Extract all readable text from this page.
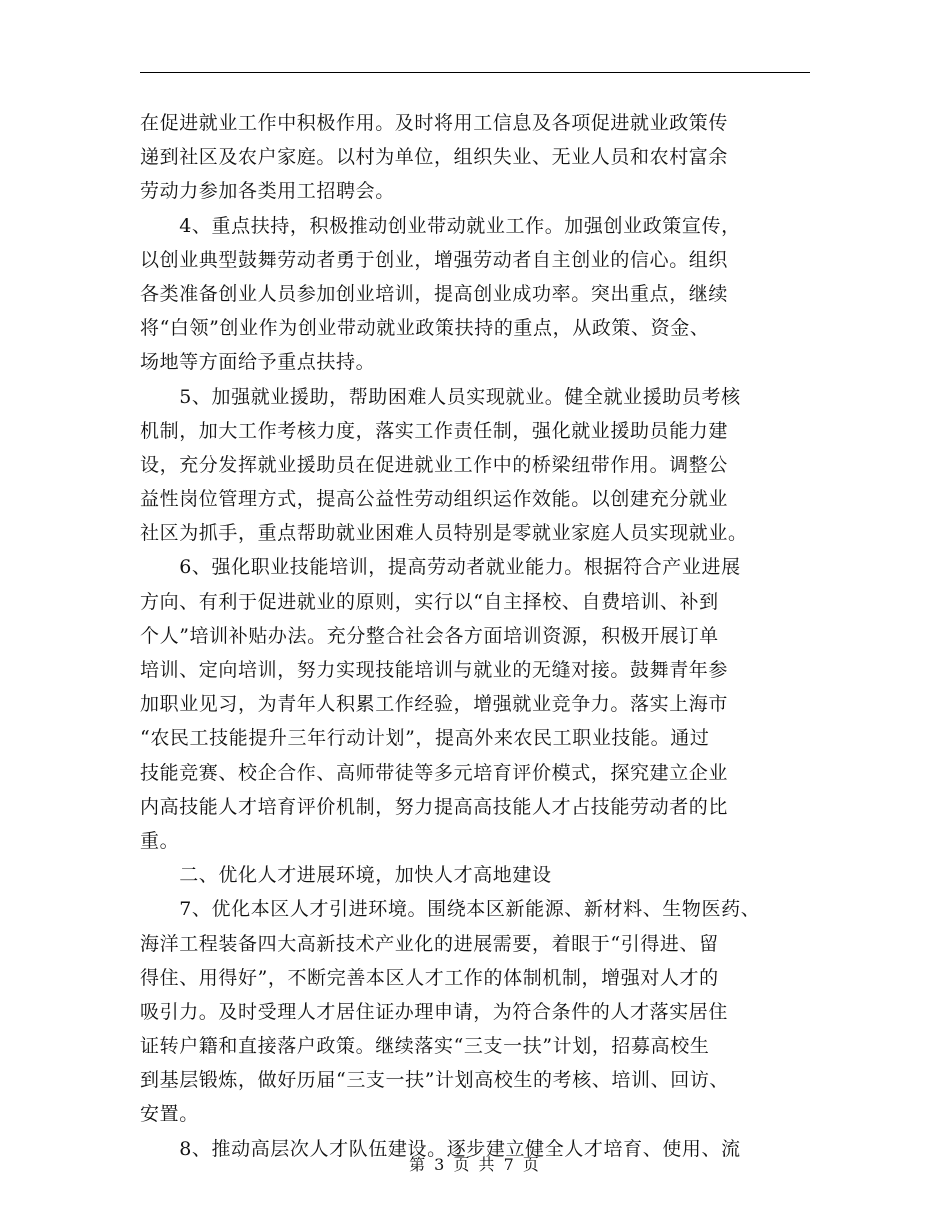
在促进就业工作中积极作用。及时将用工信息及各项促进就业政策传
递到社区及农户家庭。以村为单位，组织失业、无业人员和农村富余
劳动力参加各类用工招聘会。
　　4、重点扶持，积极推动创业带动就业工作。加强创业政策宣传，
以创业典型鼓舞劳动者勇于创业，增强劳动者自主创业的信心。组织
各类准备创业人员参加创业培训，提高创业成功率。突出重点，继续
将“白领”创业作为创业带动就业政策扶持的重点，从政策、资金、
场地等方面给予重点扶持。
　　5、加强就业援助，帮助困难人员实现就业。健全就业援助员考核
机制，加大工作考核力度，落实工作责任制，强化就业援助员能力建
设，充分发挥就业援助员在促进就业工作中的桥梁纽带作用。调整公
益性岗位管理方式，提高公益性劳动组织运作效能。以创建充分就业
社区为抓手，重点帮助就业困难人员特别是零就业家庭人员实现就业。
　　6、强化职业技能培训，提高劳动者就业能力。根据符合产业进展
方向、有利于促进就业的原则，实行以“自主择校、自费培训、补到
个人”培训补贴办法。充分整合社会各方面培训资源，积极开展订单
培训、定向培训，努力实现技能培训与就业的无缝对接。鼓舞青年参
加职业见习，为青年人积累工作经验，增强就业竞争力。落实上海市
“农民工技能提升三年行动计划”，提高外来农民工职业技能。通过
技能竞赛、校企合作、高师带徒等多元培育评价模式，探究建立企业
内高技能人才培育评价机制，努力提高高技能人才占技能劳动者的比
重。
　　二、优化人才进展环境，加快人才高地建设
　　7、优化本区人才引进环境。围绕本区新能源、新材料、生物医药、
海洋工程装备四大高新技术产业化的进展需要，着眼于“引得进、留
得住、用得好”，不断完善本区人才工作的体制机制，增强对人才的
吸引力。及时受理人才居住证办理申请，为符合条件的人才落实居住
证转户籍和直接落户政策。继续落实“三支一扶”计划，招募高校生
到基层锻炼，做好历届“三支一扶”计划高校生的考核、培训、回访、
安置。
　　8、推动高层次人才队伍建设。逐步建立健全人才培育、使用、流
第 3 页 共 7 页
